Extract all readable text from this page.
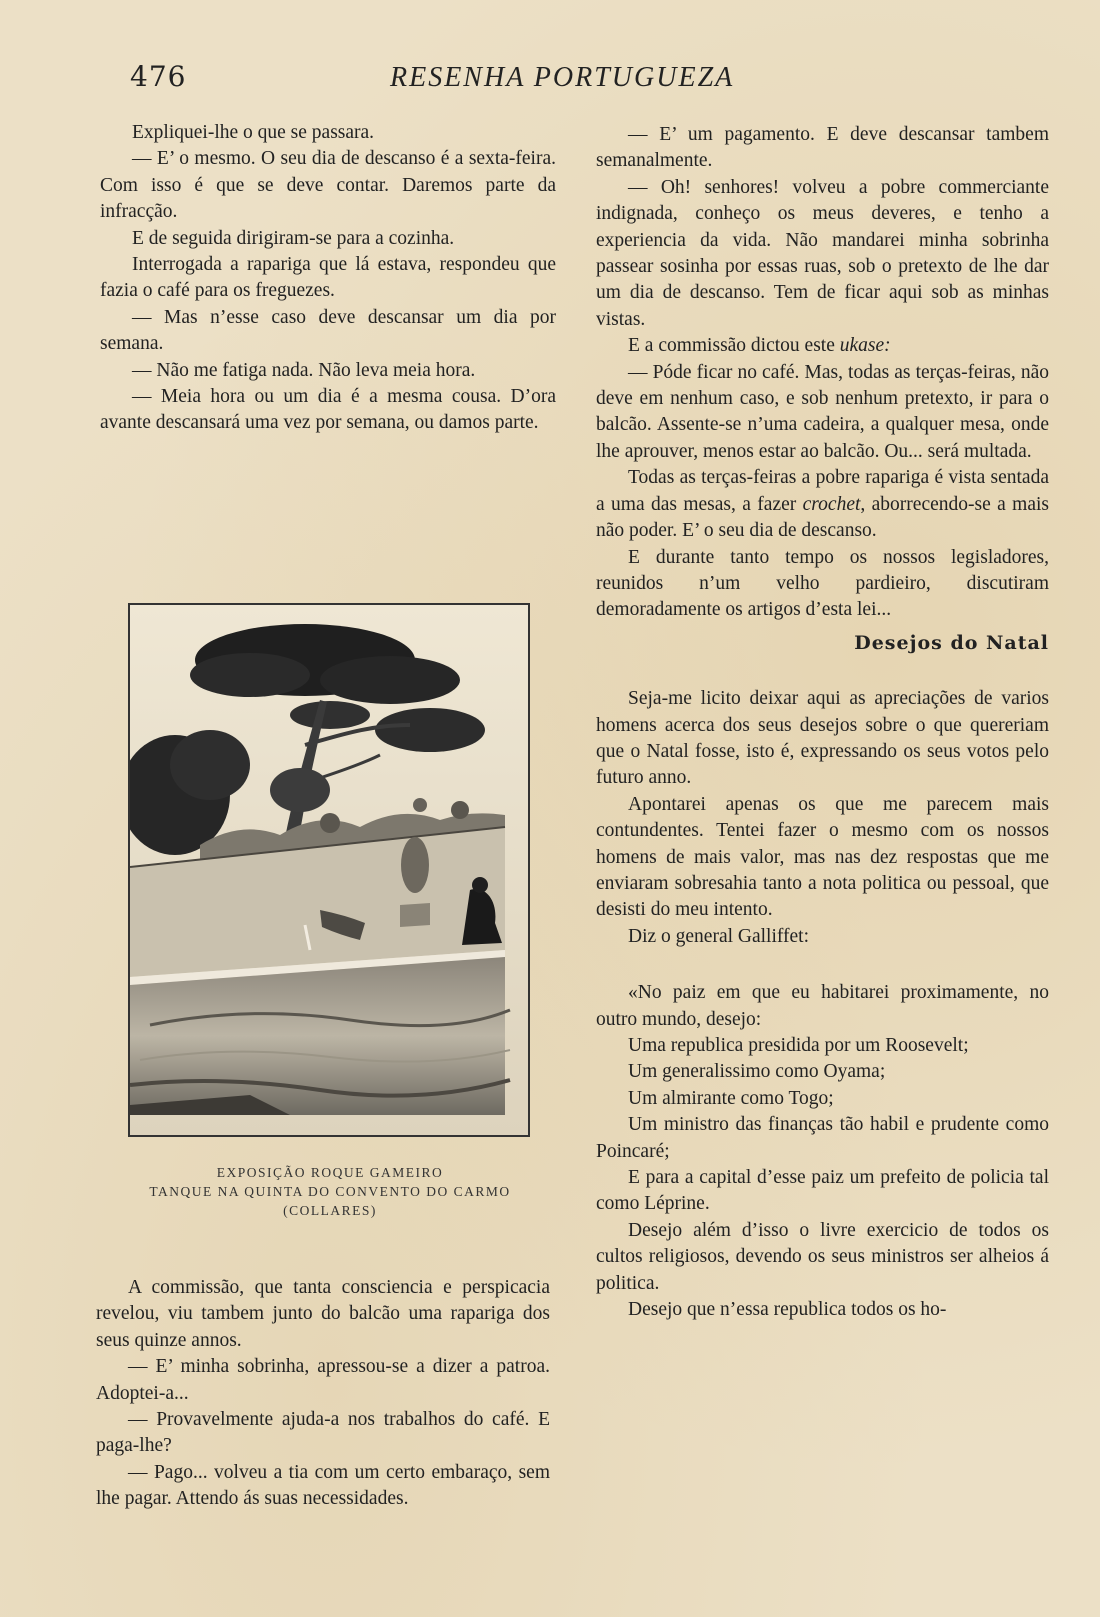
476	RESENHA PORTUGUEZA

Expliquei-lhe o que se passara.

— E’ o mesmo. O seu dia de descanso é a sexta-feira. Com isso é que se deve contar. Daremos parte da infracção.

E de seguida dirigiram-se para a cozinha.

Interrogada a rapariga que lá estava, respondeu que fazia o café para os freguezes.

— Mas n’esse caso deve descansar um dia por semana.

— Não me fatiga nada. Não leva meia hora.

— Meia hora ou um dia é a mesma cousa. D’ora avante descansará uma vez por semana, ou damos parte.

EXPOSIÇÃO ROQUE GAMEIRO
TANQUE NA QUINTA DO CONVENTO DO CARMO
(COLLARES)

A commissão, que tanta consciencia e perspicacia revelou, viu tambem junto do balcão uma rapariga dos seus quinze annos.

— E’ minha sobrinha, apressou-se a dizer a patroa. Adoptei-a...

— Provavelmente ajuda-a nos trabalhos do café. E paga-lhe?

— Pago... volveu a tia com um certo embaraço, sem lhe pagar. Attendo ás suas necessidades.

— E’ um pagamento. E deve descansar tambem semanalmente.

— Oh! senhores! volveu a pobre commerciante indignada, conheço os meus deveres, e tenho a experiencia da vida. Não mandarei minha sobrinha passear sosinha por essas ruas, sob o pretexto de lhe dar um dia de descanso. Tem de ficar aqui sob as minhas vistas.

E a commissão dictou este ukase:

— Póde ficar no café. Mas, todas as terças-feiras, não deve em nenhum caso, e sob nenhum pretexto, ir para o balcão. Assente-se n’uma cadeira, a qualquer mesa, onde lhe aprouver, menos estar ao balcão. Ou... será multada.

Todas as terças-feiras a pobre rapariga é vista sentada a uma das mesas, a fazer crochet, aborrecendo-se a mais não poder. E’ o seu dia de descanso.

E durante tanto tempo os nossos legisladores, reunidos n’um velho pardieiro, discutiram demoradamente os artigos d’esta lei...

Desejos do Natal

Seja-me licito deixar aqui as apreciações de varios homens acerca dos seus desejos sobre o que quereriam que o Natal fosse, isto é, expressando os seus votos pelo futuro anno.

Apontarei apenas os que me parecem mais contundentes. Tentei fazer o mesmo com os nossos homens de mais valor, mas nas dez respostas que me enviaram sobresahia tanto a nota politica ou pessoal, que desisti do meu intento.

Diz o general Galliffet:

«No paiz em que eu habitarei proximamente, no outro mundo, desejo:

Uma republica presidida por um Roosevelt;

Um generalissimo como Oyama;

Um almirante como Togo;

Um ministro das finanças tão habil e prudente como Poincaré;

E para a capital d’esse paiz um prefeito de policia tal como Léprine.

Desejo além d’isso o livre exercicio de todos os cultos religiosos, devendo os seus ministros ser alheios á politica.

Desejo que n’essa republica todos os ho-
